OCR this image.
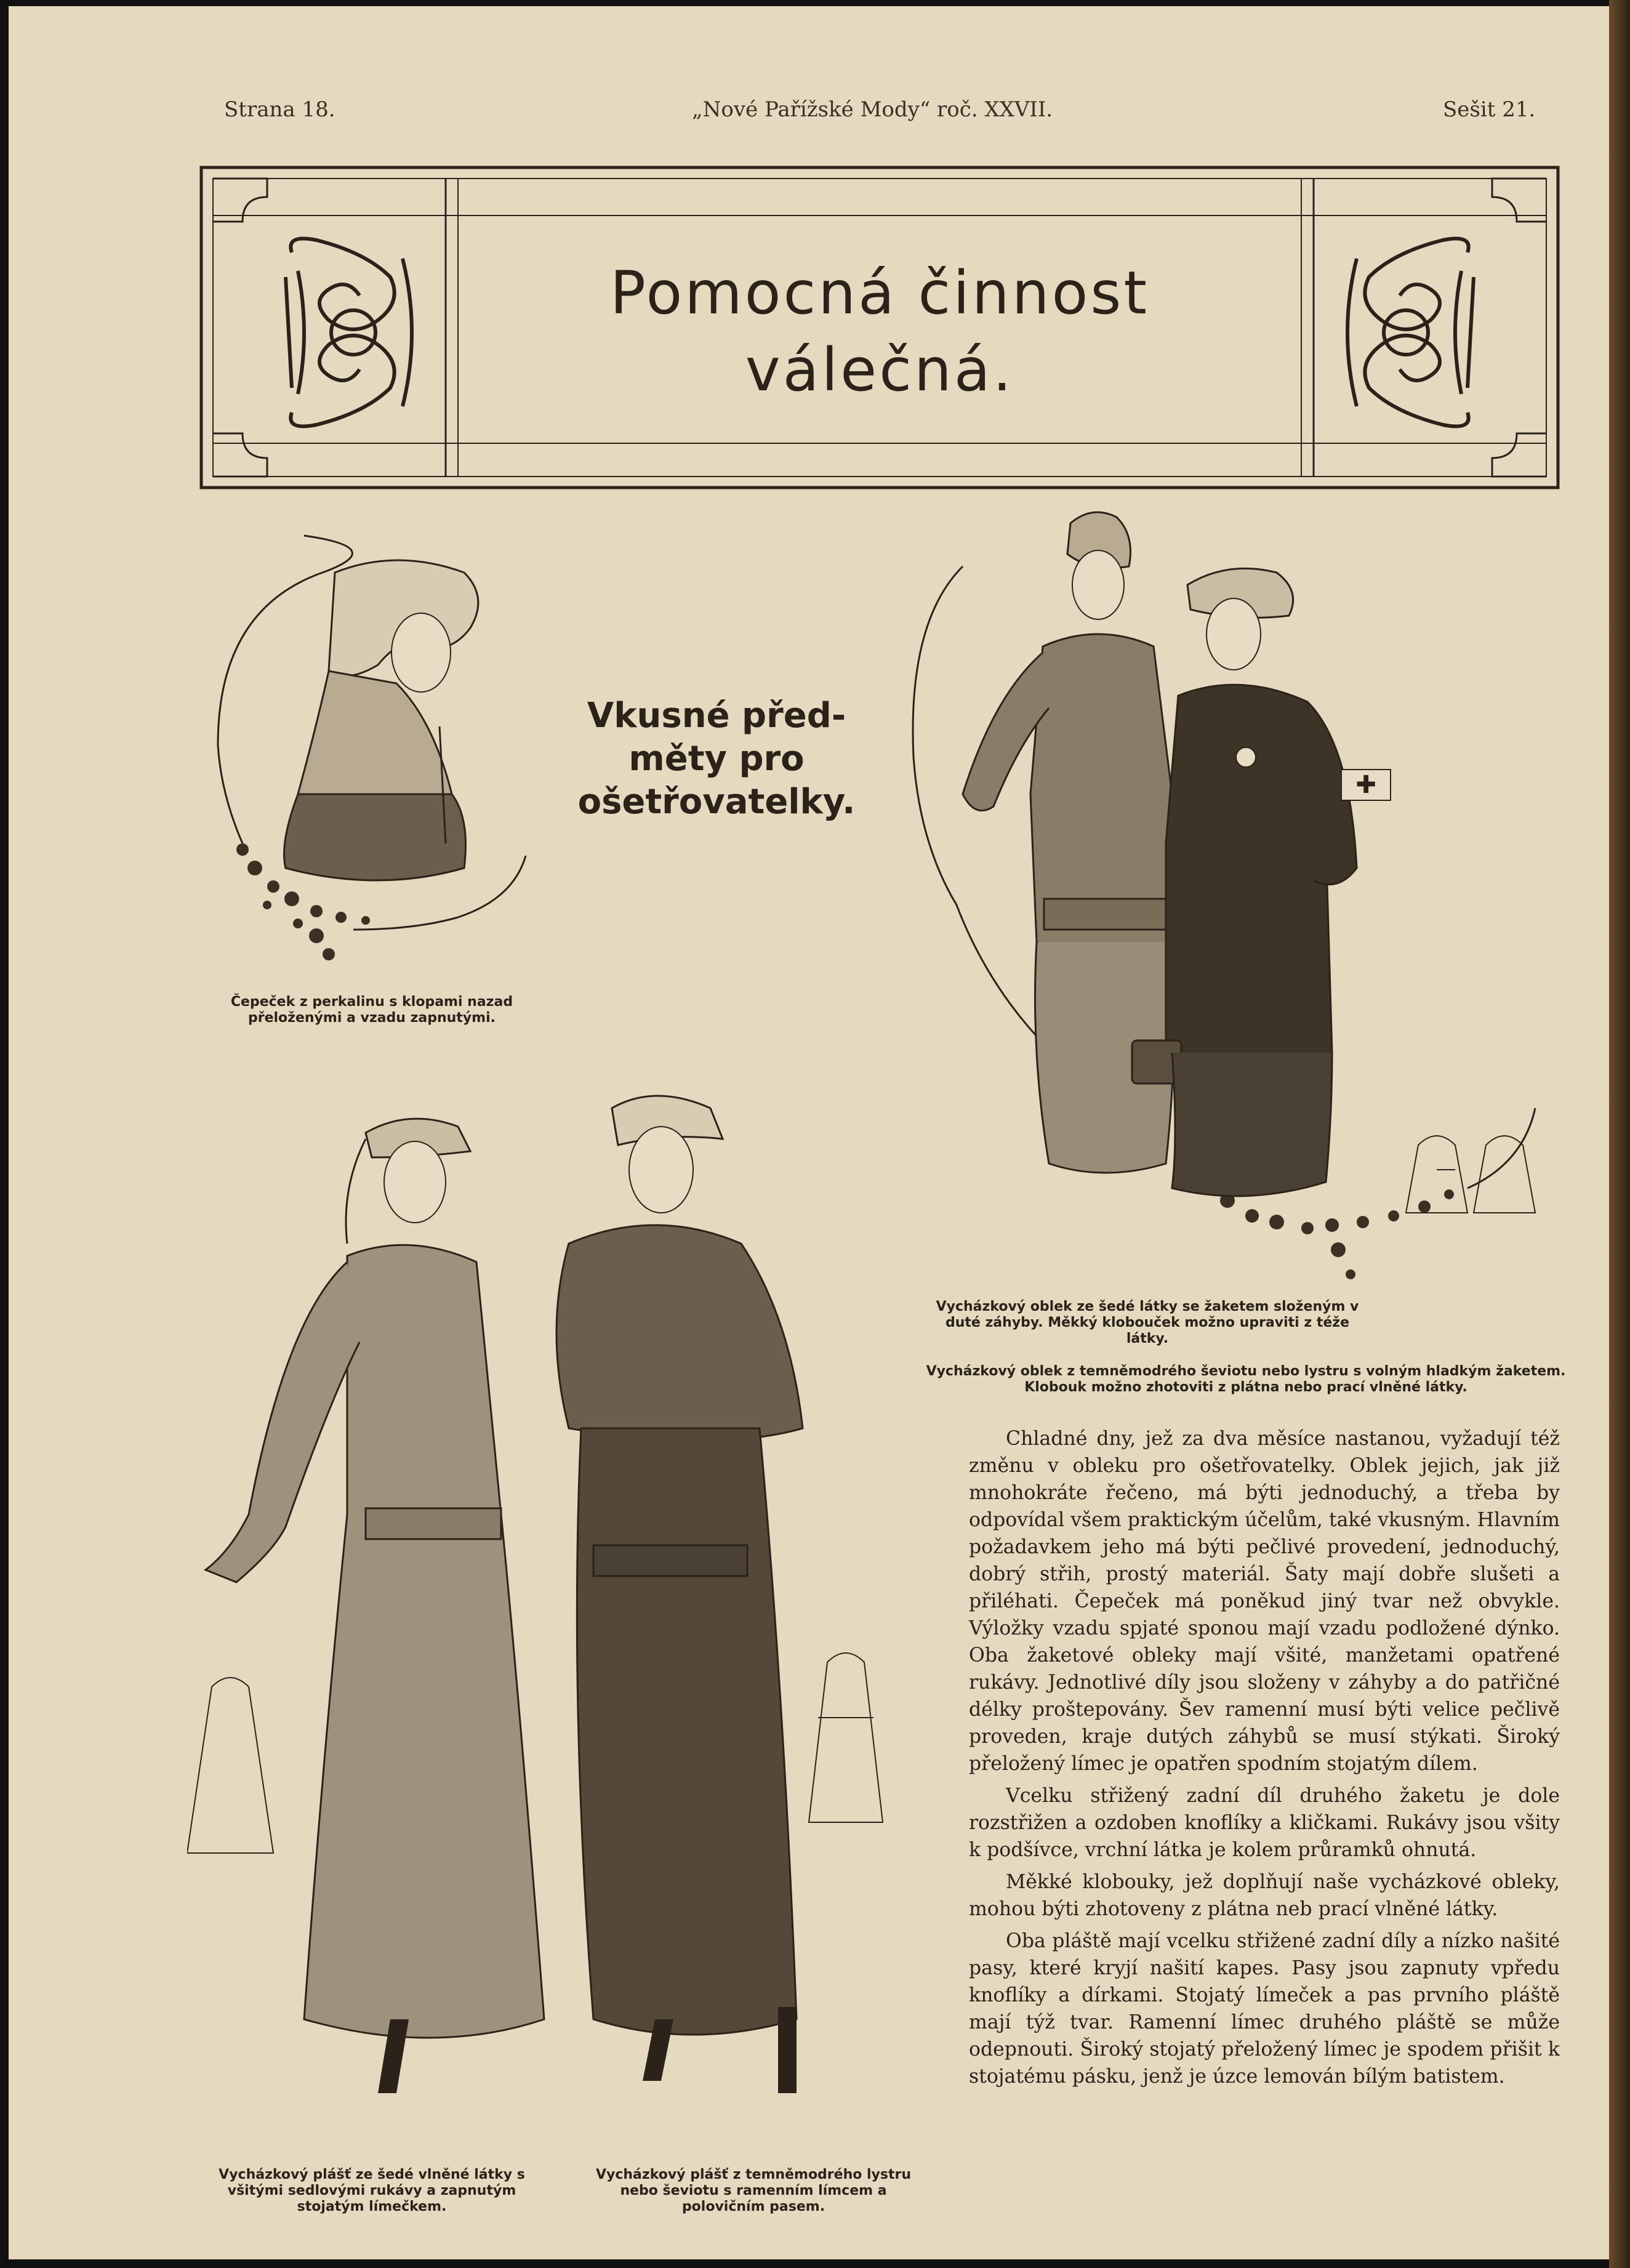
Strana 18.	„Nové Pařížské Mody“ roč. XXVII.	Sešit 21.
Pomocná činnost
válečná.
Vkusné před-
měty pro
ošetřovatelky.
Čepeček z perkalinu s klopami nazad přeloženými a vzadu zapnutými.
✚
Vycházkový oblek ze šedé látky se žaketem složeným v duté záhyby. Měkký klobouček možno upraviti z téže látky.
Vycházkový oblek z temněmodrého ševiotu nebo lystru s volným hladkým žaketem. Klobouk možno zhotoviti z plátna nebo prací vlněné látky.
Vycházkový plášť ze šedé vlněné látky s všitými sedlovými rukávy a zapnutým stojatým límečkem.
Vycházkový plášť z temněmodrého lystru nebo ševiotu s ramenním límcem a polovičním pasem.

Chladné dny, jež za dva měsíce nastanou, vyžadují též změnu v obleku pro ošetřovatelky. Oblek jejich, jak již mnohokráte řečeno, má býti jednoduchý, a třeba by odpovídal všem praktickým účelům, také vkusným. Hlavním požadavkem jeho má býti pečlivé provedení, jednoduchý, dobrý střih, prostý materiál. Šaty mají dobře slušeti a přiléhati. Čepeček má poněkud jiný tvar než obvykle. Výložky vzadu spjaté sponou mají vzadu podložené dýnko. Oba žaketové obleky mají všité, manžetami opatřené rukávy. Jednotlivé díly jsou složeny v záhyby a do patřičné délky proštepovány. Šev ramenní musí býti velice pečlivě proveden, kraje dutých záhybů se musí stýkati. Široký přeložený límec je opatřen spodním stojatým dílem.

Vcelku střižený zadní díl druhého žaketu je dole rozstřižen a ozdoben knoflíky a kličkami. Rukávy jsou všity k podšívce, vrchní látka je kolem průramků ohnutá.

Měkké klobouky, jež doplňují naše vycházkové obleky, mohou býti zhotoveny z plátna neb prací vlněné látky.

Oba pláště mají vcelku střižené zadní díly a nízko našité pasy, které kryjí našití kapes. Pasy jsou zapnuty vpředu knoflíky a dírkami. Stojatý límeček a pas prvního pláště mají týž tvar. Ramenní límec druhého pláště se může odepnouti. Široký stojatý přeložený límec je spodem přišit k stojatému pásku, jenž je úzce lemován bílým batistem.
